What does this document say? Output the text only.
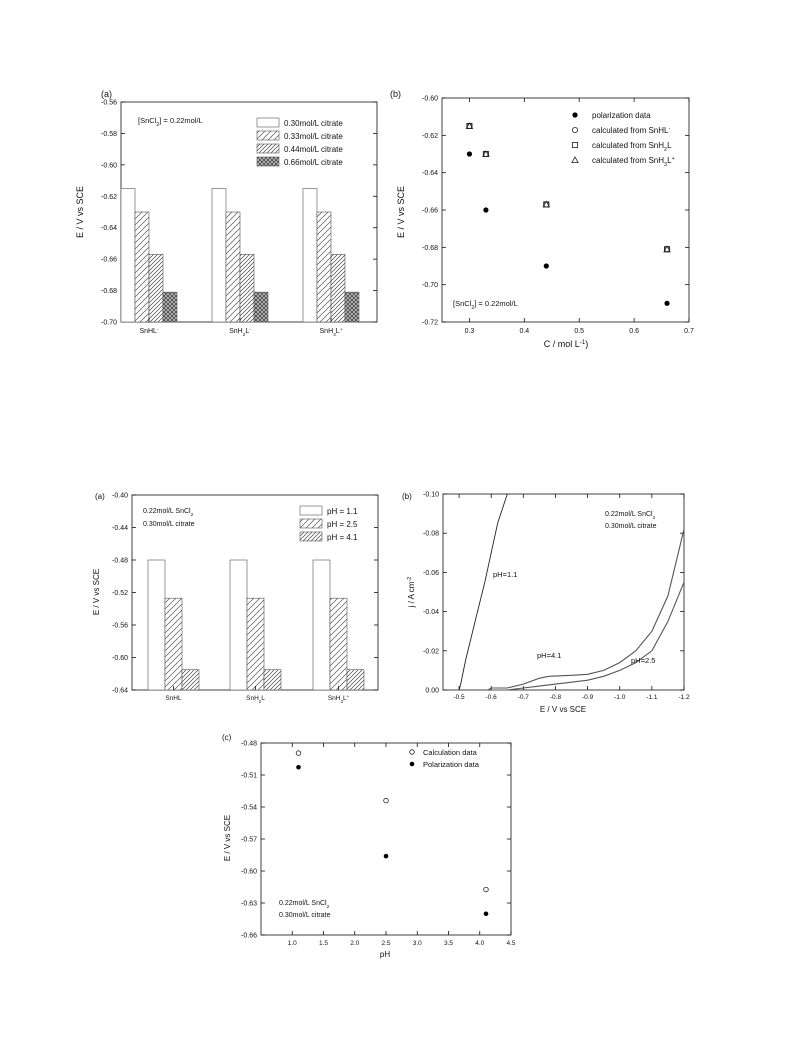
(a)
-0.56
-0.58
-0.60
-0.62
-0.64
-0.66
-0.68
-0.70
E / V vs SCE
SnHL-	SnH$_2$L-	SnH$_3$L+
[SnCl$_2$] = 0.22mol/L	0.30mol/L citrate
0.33mol/L citrate
0.44mol/L citrate
0.66mol/L citrate
(b)	-0.60
-0.62
-0.64
-0.66
-0.68
-0.70
-0.72
0.3	0.4	0.5	0.6	0.7
C / mol $L^{-1}$)
E / V vs SCE
polarization data
calculated from SnHL-
calculated from SnH$_2$L
calculated from SnH$_3$L+
[SnCl$_2$] = 0.22mol/L
(a) -0.40
-0.44
-0.48
-0.52
-0.56
-0.60
-0.64
E / V vs SCE
SnHL	SnH$_2$L	SnH$_3$L+
0.22mol/L SnCl$_2$
0.30mol/L citrate
pH = 1.1
pH = 2.5
pH = 4.1
(b) -0.10
-0.08
-0.06
-0.04
-0.02
0.00
-0.5	-0.6	-0.7	-0.8	-0.9	-1.0	-1.1	-1.2
E / V vs SCE
j / A $cm^{-2}$
pH=1.1
pH=4.1
pH=2.5
0.22mol/L SnCl$_2$
0.30mol/L citrate
(c)
-0.48
-0.51
-0.54
-0.57
-0.60
-0.63
-0.66
1.0	1.5	2.0	2.5	3.0	3.5	4.0	4.5
pH
E / V vs SCE
Calculation data
Polarization data
0.22mol/L SnCl$_2$
0.30mol/L citrate
